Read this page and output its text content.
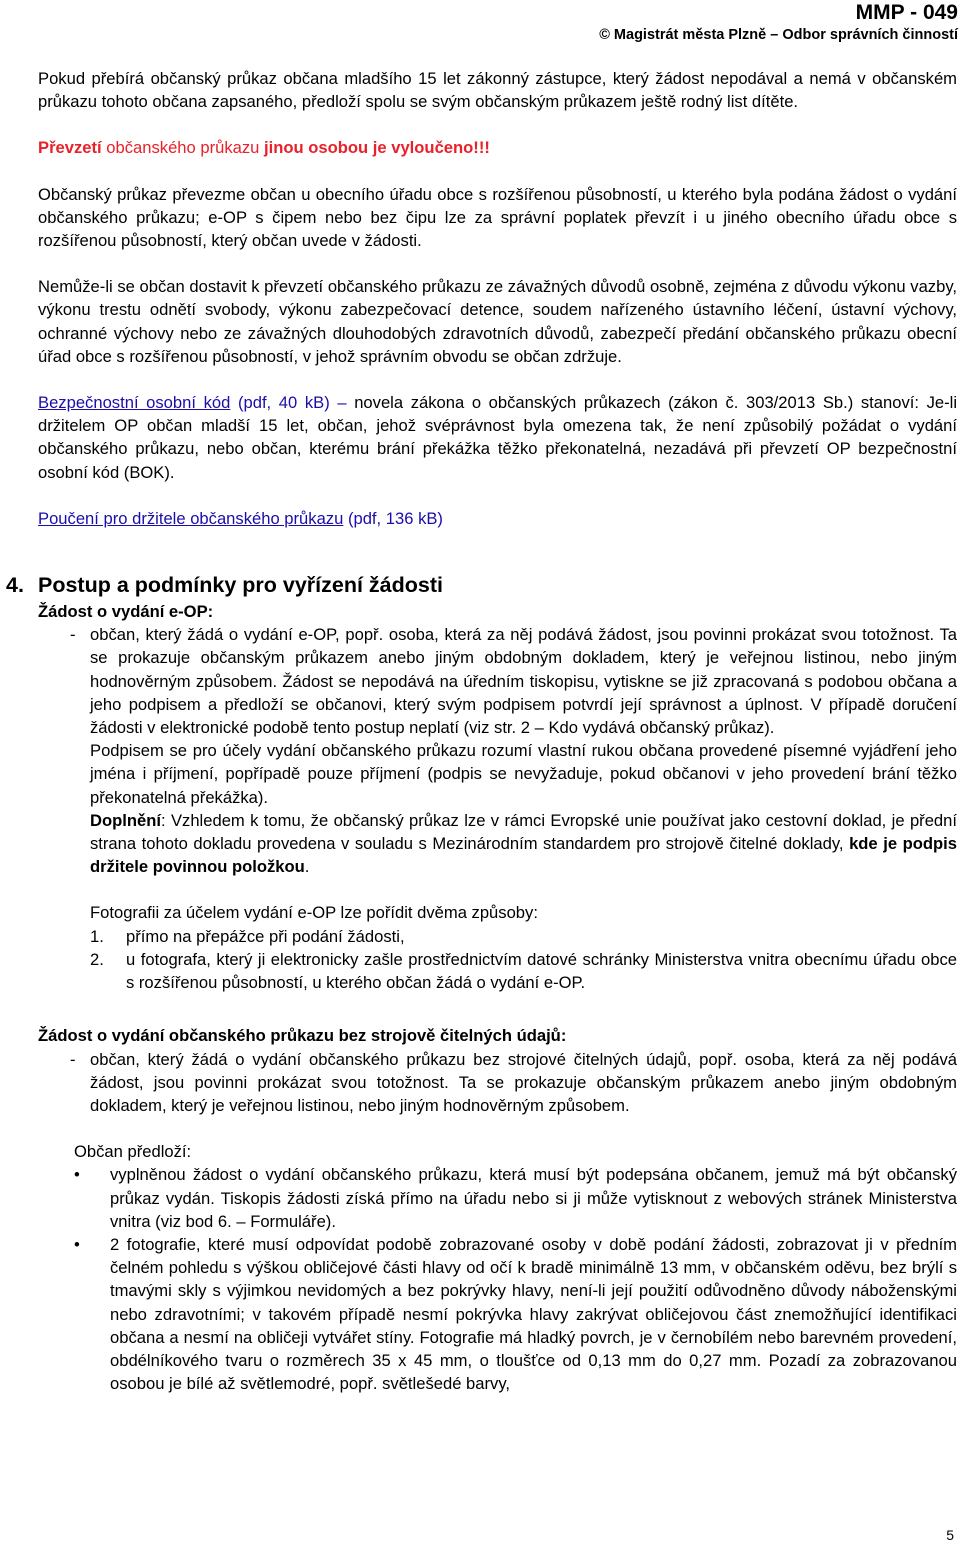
MMP - 049
© Magistrát města Plzně – Odbor správních činností

Pokud přebírá občanský průkaz občana mladšího 15 let zákonný zástupce, který žádost nepodával a nemá v občanském průkazu tohoto občana zapsaného, předloží spolu se svým občanským průkazem ještě rodný list dítěte.

Převzetí občanského průkazu jinou osobou je vyloučeno!!!

Občanský průkaz převezme občan u obecního úřadu obce s rozšířenou působností, u kterého byla podána žádost o vydání občanského průkazu; e-OP s čipem nebo bez čipu lze za správní poplatek převzít i u jiného obecního úřadu obce s rozšířenou působností, který občan uvede v žádosti.

Nemůže-li se občan dostavit k převzetí občanského průkazu ze závažných důvodů osobně, zejména z důvodu výkonu vazby, výkonu trestu odnětí svobody, výkonu zabezpečovací detence, soudem nařízeného ústavního léčení, ústavní výchovy, ochranné výchovy nebo ze závažných dlouhodobých zdravotních důvodů, zabezpečí předání občanského průkazu obecní úřad obce s rozšířenou působností, v jehož správním obvodu se občan zdržuje.

Bezpečnostní osobní kód (pdf, 40 kB) – novela zákona o občanských průkazech (zákon č. 303/2013 Sb.) stanoví: Je-li držitelem OP občan mladší 15 let, občan, jehož svéprávnost byla omezena tak, že není způsobilý požádat o vydání občanského průkazu, nebo občan, kterému brání překážka těžko překonatelná, nezadává při převzetí OP bezpečnostní osobní kód (BOK).

Poučení pro držitele občanského průkazu (pdf, 136 kB)

4. Postup a podmínky pro vyřízení žádosti
Žádost o vydání e-OP:
- občan, který žádá o vydání e-OP, popř. osoba, která za něj podává žádost, jsou povinni prokázat svou totožnost. Ta se prokazuje občanským průkazem anebo jiným obdobným dokladem, který je veřejnou listinou, nebo jiným hodnověrným způsobem. Žádost se nepodává na úředním tiskopisu, vytiskne se již zpracovaná s podobou občana a jeho podpisem a předloží se občanovi, který svým podpisem potvrdí její správnost a úplnost. V případě doručení žádosti v elektronické podobě tento postup neplatí (viz str. 2 – Kdo vydává občanský průkaz).

Podpisem se pro účely vydání občanského průkazu rozumí vlastní rukou občana provedené písemné vyjádření jeho jména i příjmení, popřípadě pouze příjmení (podpis se nevyžaduje, pokud občanovi v jeho provedení brání těžko překonatelná překážka).

Doplnění: Vzhledem k tomu, že občanský průkaz lze v rámci Evropské unie používat jako cestovní doklad, je přední strana tohoto dokladu provedena v souladu s Mezinárodním standardem pro strojově čitelné doklady, kde je podpis držitele povinnou položkou.

Fotografii za účelem vydání e-OP lze pořídit dvěma způsoby:

1.	přímo na přepážce při podání žádosti,
2.	u fotografa, který ji elektronicky zašle prostřednictvím datové schránky Ministerstva vnitra obecnímu úřadu obce s rozšířenou působností, u kterého občan žádá o vydání e-OP.
Žádost o vydání občanského průkazu bez strojově čitelných údajů:
- občan, který žádá o vydání občanského průkazu bez strojové čitelných údajů, popř. osoba, která za něj podává žádost, jsou povinni prokázat svou totožnost. Ta se prokazuje občanským průkazem anebo jiným obdobným dokladem, který je veřejnou listinou, nebo jiným hodnověrným způsobem.

Občan předloží:

•	vyplněnou žádost o vydání občanského průkazu, která musí být podepsána občanem, jemuž má být občanský průkaz vydán. Tiskopis žádosti získá přímo na úřadu nebo si ji může vytisknout z webových stránek Ministerstva vnitra (viz bod 6. – Formuláře).
•	2 fotografie, které musí odpovídat podobě zobrazované osoby v době podání žádosti, zobrazovat ji v předním čelném pohledu s výškou obličejové části hlavy od očí k bradě minimálně 13 mm, v občanském oděvu, bez brýlí s tmavými skly s výjimkou nevidomých a bez pokrývky hlavy, není-li její použití odůvodněno důvody náboženskými nebo zdravotními; v takovém případě nesmí pokrývka hlavy zakrývat obličejovou část znemožňující identifikaci občana a nesmí na obličeji vytvářet stíny. Fotografie má hladký povrch, je v černobílém nebo barevném provedení, obdélníkového tvaru o rozměrech 35 x 45 mm, o tloušťce od 0,13 mm do 0,27 mm. Pozadí za zobrazovanou osobou je bílé až světlemodré, popř. světlešedé barvy,
5
